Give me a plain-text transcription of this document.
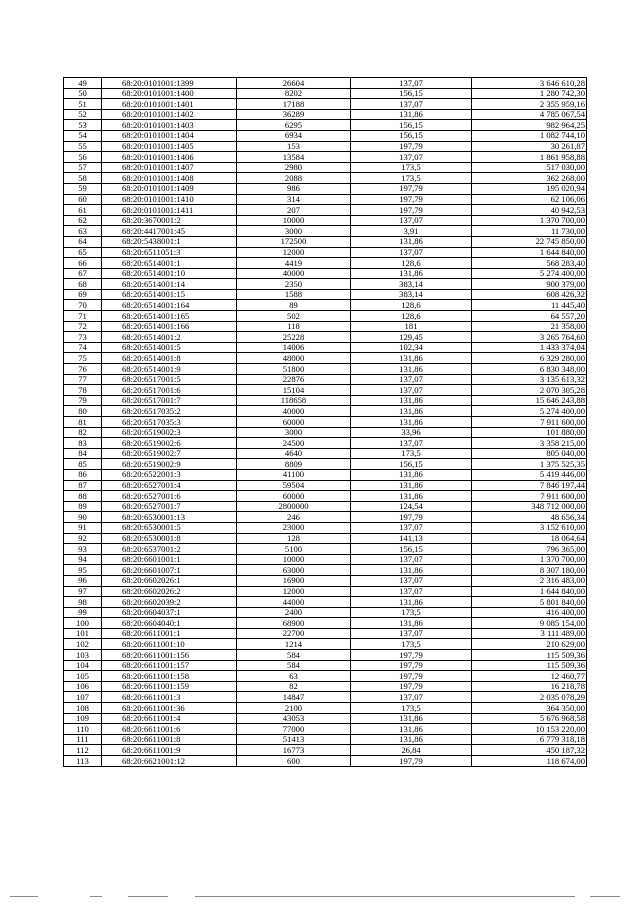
49	68:20:0101001:1399	26604	137,07	3 646 610,28
50	68:20:0101001:1400	8202	156,15	1 280 742,30
51	68:20:0101001:1401	17188	137,07	2 355 959,16
52	68:20:0101001:1402	36289	131,86	4 785 067,54
53	68:20:0101001:1403	6295	156,15	982 964,25
54	68:20:0101001:1404	6934	156,15	1 082 744,10
55	68:20:0101001:1405	153	197,79	30 261,87
56	68:20:0101001:1406	13584	137,07	1 861 958,88
57	68:20:0101001:1407	2980	173,5	517 030,00
58	68:20:0101001:1408	2088	173,5	362 268,00
59	68:20:0101001:1409	986	197,79	195 020,94
60	68:20:0101001:1410	314	197,79	62 106,06
61	68:20:0101001:1411	207	197,79	40 942,53
62	68:20:3670001:2	10000	137,07	1 370 700,00
63	68:20:4417001:45	3000	3,91	11 730,00
64	68:20:5438001:1	172500	131,86	22 745 850,00
65	68:20:6511051:3	12000	137,07	1 644 840,00
66	68:20:6514001:1	4419	128,6	568 283,40
67	68:20:6514001:10	40000	131,86	5 274 400,00
68	68:20:6514001:14	2350	383,14	900 379,00
69	68:20:6514001:15	1588	383,14	608 426,32
70	68:20:6514001:164	89	128,6	11 445,40
71	68:20:6514001:165	502	128,6	64 557,20
72	68:20:6514001:166	118	181	21 358,00
73	68:20:6514001:2	25228	129,45	3 265 764,60
74	68:20:6514001:5	14006	102,34	1 433 374,04
75	68:20:6514001:8	48000	131,86	6 329 280,00
76	68:20:6514001:9	51800	131,86	6 830 348,00
77	68:20:6517001:5	22876	137,07	3 135 613,32
78	68:20:6517001:6	15104	137,07	2 070 305,28
79	68:20:6517001:7	118658	131,86	15 646 243,88
80	68:20:6517035:2	40000	131,86	5 274 400,00
81	68:20:6517035:3	60000	131,86	7 911 600,00
82	68:20:6519002:3	3000	33,96	101 880,00
83	68:20:6519002:6	24500	137,07	3 358 215,00
84	68:20:6519002:7	4640	173,5	805 040,00
85	68:20:6519002:9	8809	156,15	1 375 525,35
86	68:20:6522001:3	41100	131,86	5 419 446,00
87	68:20:6527001:4	59504	131,86	7 846 197,44
88	68:20:6527001:6	60000	131,86	7 911 600,00
89	68:20:6527001:7	2800000	124,54	348 712 000,00
90	68:20:6530001:13	246	197,79	48 656,34
91	68:20:6530001:5	23000	137,07	3 152 610,00
92	68:20:6530001:8	128	141,13	18 064,64
93	68:20:6537001:2	5100	156,15	796 365,00
94	68:20:6601001:1	10000	137,07	1 370 700,00
95	68:20:6601007:1	63000	131,86	8 307 180,00
96	68:20:6602026:1	16900	137,07	2 316 483,00
97	68:20:6602026:2	12000	137,07	1 644 840,00
98	68:20:6602039:2	44000	131,86	5 801 840,00
99	68:20:6604037:1	2400	173,5	416 400,00
100	68:20:6604040:1	68900	131,86	9 085 154,00
101	68:20:6611001:1	22700	137,07	3 111 489,00
102	68:20:6611001:10	1214	173,5	210 629,00
103	68:20:6611001:156	584	197,79	115 509,36
104	68:20:6611001:157	584	197,79	115 509,36
105	68:20:6611001:158	63	197,79	12 460,77
106	68:20:6611001:159	82	197,79	16 218,78
107	68:20:6611001:3	14847	137,07	2 035 078,29
108	68:20:6611001:36	2100	173,5	364 350,00
109	68:20:6611001:4	43053	131,86	5 676 968,58
110	68:20:6611001:6	77000	131,86	10 153 220,00
111	68:20:6611001:8	51413	131,86	6 779 318,18
112	68:20:6611001:9	16773	26,84	450 187,32
113	68:20:6621001:12	600	197,79	118 674,00
